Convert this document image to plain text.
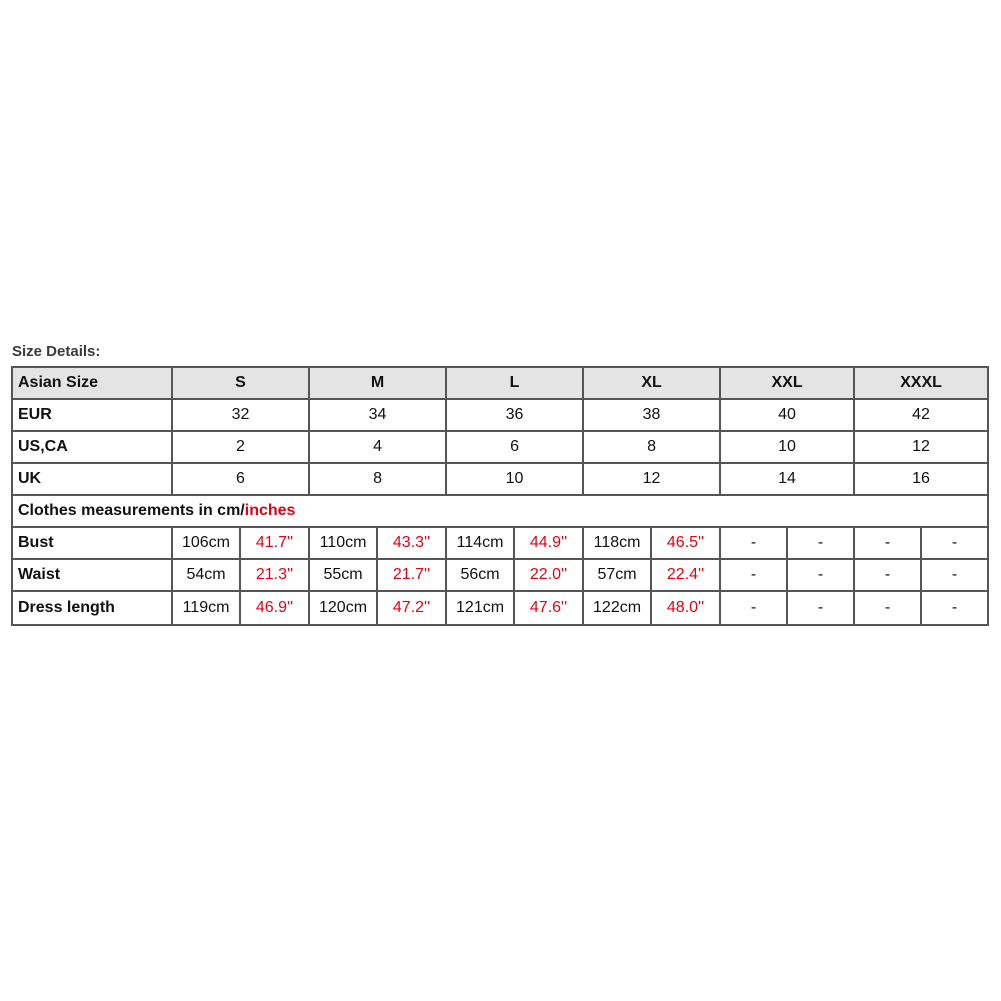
Size Details:
Asian Size	S		M		L		XL		XXL		XXXL	
EUR	32		34		36		38		40		42	
US,CA	2		4		6		8		10		12	
UK	6		8		10		12		14		16	
Clothes measurements in cm/inches												
Bust	106cm	41.7''	110cm	43.3''	114cm	44.9''	118cm	46.5''	-	-	-	-
Waist	54cm	21.3''	55cm	21.7''	56cm	22.0''	57cm	22.4''	-	-	-	-
Dress length	119cm	46.9''	120cm	47.2''	121cm	47.6''	122cm	48.0''	-	-	-	-
